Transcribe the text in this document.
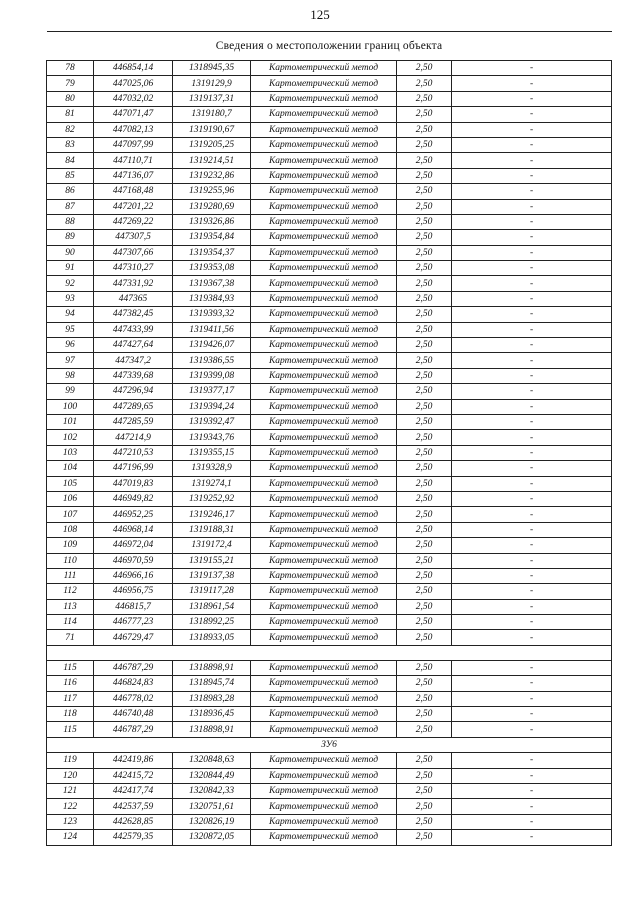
125
Сведения о местоположении границ объекта					
78	446854,14	1318945,35	Картометрический метод	2,50	-
79	447025,06	1319129,9	Картометрический метод	2,50	-
80	447032,02	1319137,31	Картометрический метод	2,50	-
81	447071,47	1319180,7	Картометрический метод	2,50	-
82	447082,13	1319190,67	Картометрический метод	2,50	-
83	447097,99	1319205,25	Картометрический метод	2,50	-
84	447110,71	1319214,51	Картометрический метод	2,50	-
85	447136,07	1319232,86	Картометрический метод	2,50	-
86	447168,48	1319255,96	Картометрический метод	2,50	-
87	447201,22	1319280,69	Картометрический метод	2,50	-
88	447269,22	1319326,86	Картометрический метод	2,50	-
89	447307,5	1319354,84	Картометрический метод	2,50	-
90	447307,66	1319354,37	Картометрический метод	2,50	-
91	447310,27	1319353,08	Картометрический метод	2,50	-
92	447331,92	1319367,38	Картометрический метод	2,50	-
93	447365	1319384,93	Картометрический метод	2,50	-
94	447382,45	1319393,32	Картометрический метод	2,50	-
95	447433,99	1319411,56	Картометрический метод	2,50	-
96	447427,64	1319426,07	Картометрический метод	2,50	-
97	447347,2	1319386,55	Картометрический метод	2,50	-
98	447339,68	1319399,08	Картометрический метод	2,50	-
99	447296,94	1319377,17	Картометрический метод	2,50	-
100	447289,65	1319394,24	Картометрический метод	2,50	-
101	447285,59	1319392,47	Картометрический метод	2,50	-
102	447214,9	1319343,76	Картометрический метод	2,50	-
103	447210,53	1319355,15	Картометрический метод	2,50	-
104	447196,99	1319328,9	Картометрический метод	2,50	-
105	447019,83	1319274,1	Картометрический метод	2,50	-
106	446949,82	1319252,92	Картометрический метод	2,50	-
107	446952,25	1319246,17	Картометрический метод	2,50	-
108	446968,14	1319188,31	Картометрический метод	2,50	-
109	446972,04	1319172,4	Картометрический метод	2,50	-
110	446970,59	1319155,21	Картометрический метод	2,50	-
111	446966,16	1319137,38	Картометрический метод	2,50	-
112	446956,75	1319117,28	Картометрический метод	2,50	-
113	446815,7	1318961,54	Картометрический метод	2,50	-
114	446777,23	1318992,25	Картометрический метод	2,50	-
71	446729,47	1318933,05	Картометрический метод	2,50	-

115	446787,29	1318898,91	Картометрический метод	2,50	-
116	446824,83	1318945,74	Картометрический метод	2,50	-
117	446778,02	1318983,28	Картометрический метод	2,50	-
118	446740,48	1318936,45	Картометрический метод	2,50	-
115	446787,29	1318898,91	Картометрический метод	2,50	-
ЗУ6					
119	442419,86	1320848,63	Картометрический метод	2,50	-
120	442415,72	1320844,49	Картометрический метод	2,50	-
121	442417,74	1320842,33	Картометрический метод	2,50	-
122	442537,59	1320751,61	Картометрический метод	2,50	-
123	442628,85	1320826,19	Картометрический метод	2,50	-
124	442579,35	1320872,05	Картометрический метод	2,50	-
